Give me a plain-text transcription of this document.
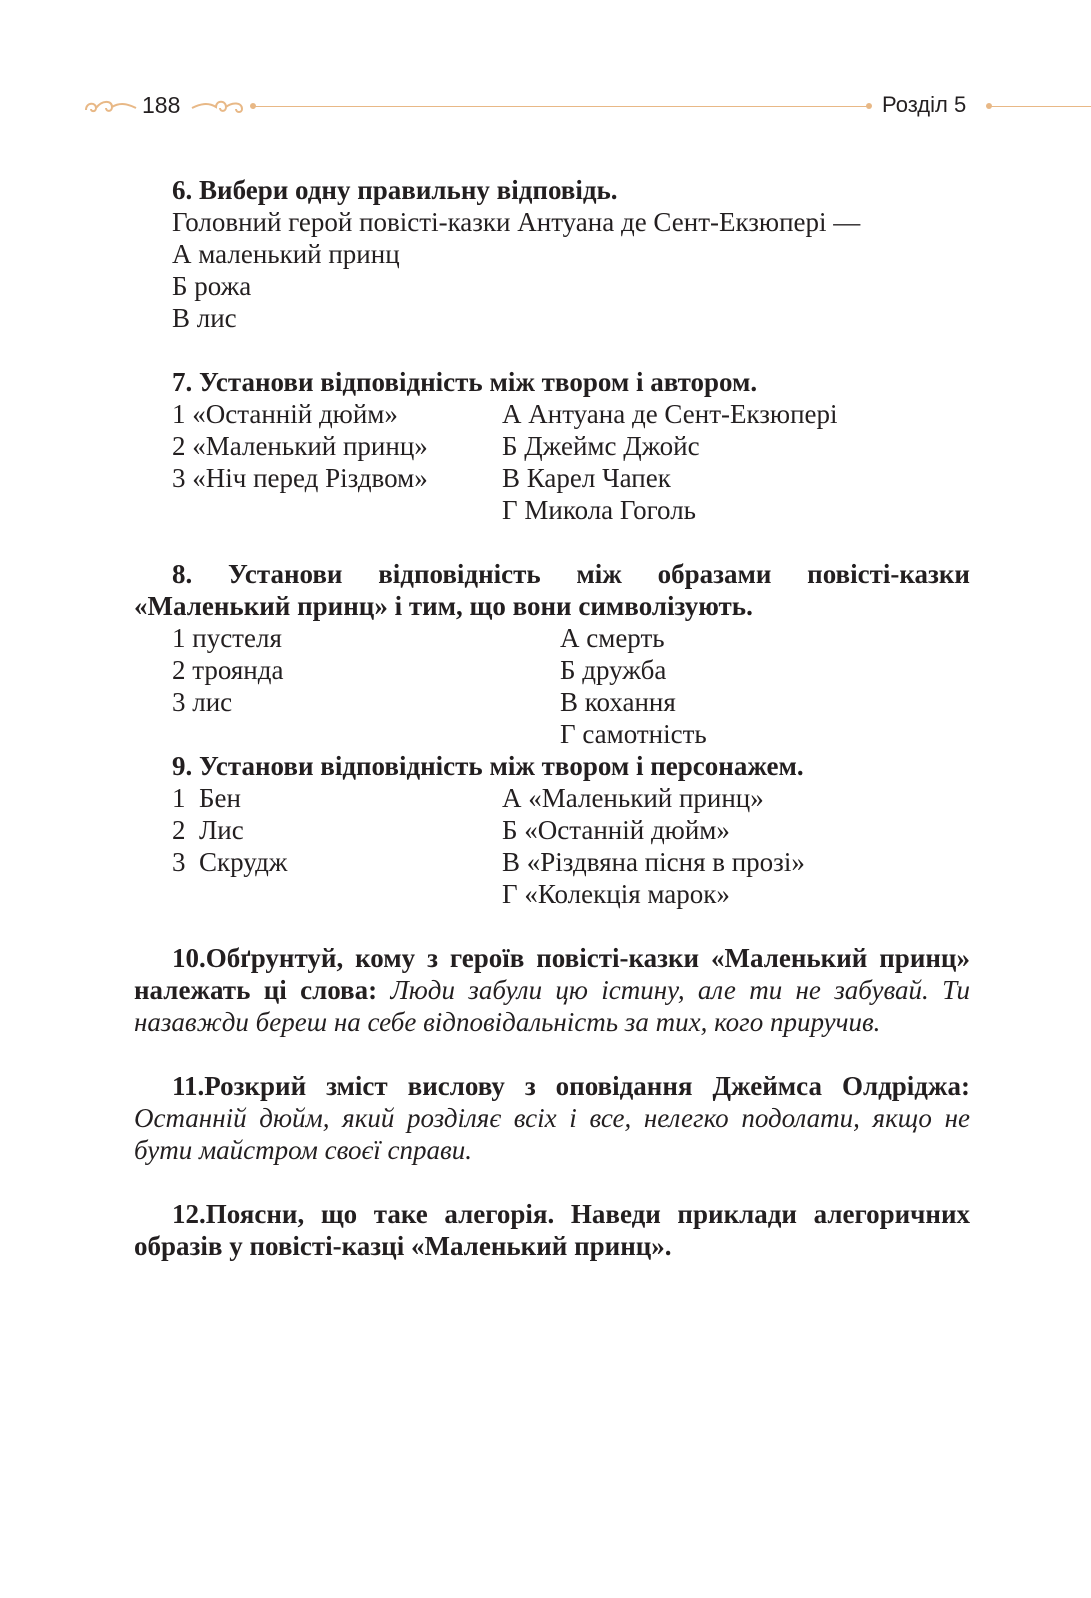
188	Розділ 5
6. Вибери одну правильну відповідь.
Головний герой повісті-казки Антуана де Сент-Екзюпері —
А маленький принц
Б рожа
В лис
7. Установи відповідність між твором і автором.
1 «Останній дюйм»	А Антуана де Сент-Екзюпері
2 «Маленький принц»	Б Джеймс Джойс
3 «Ніч перед Різдвом»	В Карел Чапек
Г Микола Гоголь
8. Установи відповідність між образами повісті-казки «Маленький принц» і тим, що вони символізують.
1 пустеля	А смерть
2 троянда	Б дружба
3 лис	В кохання
Г самотність
9. Установи відповідність між твором і персонажем.
1  Бен	А «Маленький принц»
2  Лис	Б «Останній дюйм»
3  Скрудж	В «Різдвяна пісня в прозі»
Г «Колекція марок»
10.Обґрунтуй, кому з героїв повісті-казки «Маленький принц» належать ці слова: Люди забули цю істину, але ти не забувай. Ти назавжди береш на себе відповідальність за тих, кого приручив.
11.Розкрий зміст вислову з оповідання Джеймса Олдріджа: Останній дюйм, який розділяє всіх і все, нелегко подолати, якщо не бути майстром своєї справи.
12.Поясни, що таке алегорія. Наведи приклади алегоричних образів у повісті-казці «Маленький принц».
